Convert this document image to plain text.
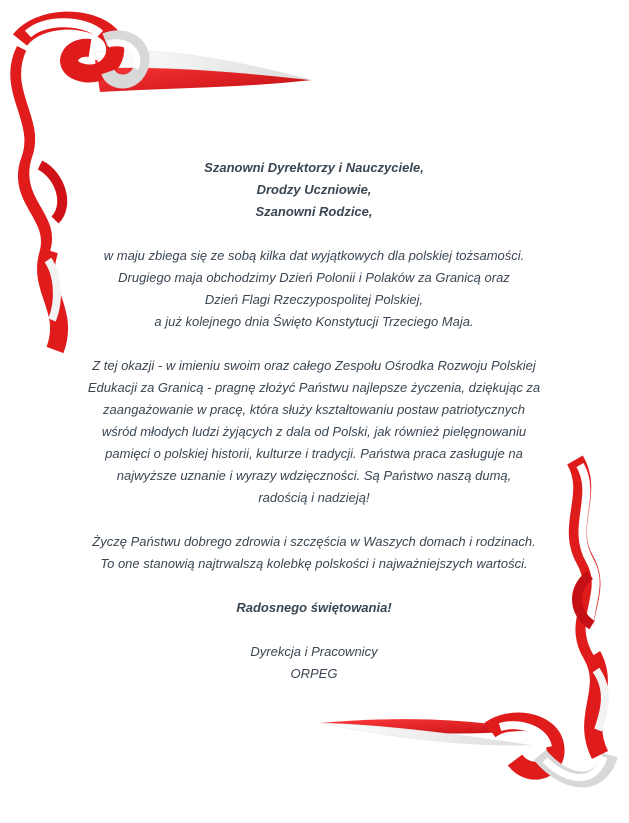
Szanowni Dyrektorzy i Nauczyciele,

Drodzy Uczniowie,

Szanowni Rodzice,

w maju zbiega się ze sobą kilka dat wyjątkowych dla polskiej tożsamości.

Drugiego maja obchodzimy Dzień Polonii i Polaków za Granicą oraz

Dzień Flagi Rzeczypospolitej Polskiej,

a już kolejnego dnia Święto Konstytucji Trzeciego Maja.

Z tej okazji - w imieniu swoim oraz całego Zespołu Ośrodka Rozwoju Polskiej

Edukacji za Granicą - pragnę złożyć Państwu najlepsze życzenia, dziękując za

zaangażowanie w pracę, która służy kształtowaniu postaw patriotycznych

wśród młodych ludzi żyjących z dala od Polski, jak również pielęgnowaniu

pamięci o polskiej historii, kulturze i tradycji. Państwa praca zasługuje na

najwyższe uznanie i wyrazy wdzięczności. Są Państwo naszą dumą,

radością i nadzieją!

Życzę Państwu dobrego zdrowia i szczęścia w Waszych domach i rodzinach.

To one stanowią najtrwalszą kolebkę polskości i najważniejszych wartości.

Radosnego świętowania!

Dyrekcja i Pracownicy

ORPEG
